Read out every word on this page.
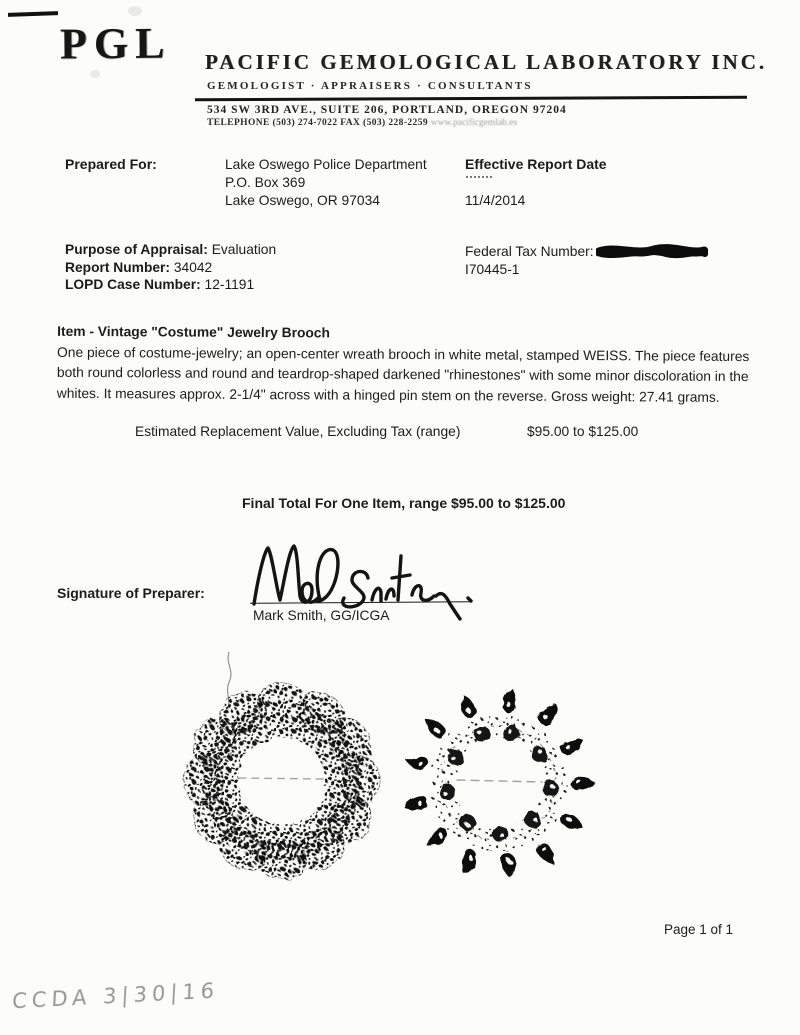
PGL PACIFIC GEMOLOGICAL LABORATORY INC.
GEMOLOGIST · APPRAISERS · CONSULTANTS
534 SW 3RD AVE., SUITE 206, PORTLAND, OREGON 97204
TELEPHONE (503) 274-7022 FAX (503) 228-2259 www.pacificgemlab.es
Prepared For:	Lake Oswego Police Department
P.O. Box 369
Lake Oswego, OR 97034
Effective Report Date
11/4/2014
Purpose of Appraisal: Evaluation
Report Number: 34042
LOPD Case Number: 12-1191
Federal Tax Number:
I70445-1
Item - Vintage "Costume" Jewelry Brooch
One piece of costume-jewelry; an open-center wreath brooch in white metal, stamped WEISS. The piece features both round colorless and round and teardrop-shaped darkened "rhinestones" with some minor discoloration in the whites. It measures approx. 2-1/4" across with a hinged pin stem on the reverse. Gross weight: 27.41 grams.
Estimated Replacement Value, Excluding Tax (range)	$95.00 to $125.00
Final Total For One Item, range $95.00 to $125.00
Signature of Preparer:
Mark Smith, GG/ICGA
Page 1 of 1
CCDA 3|30|16
